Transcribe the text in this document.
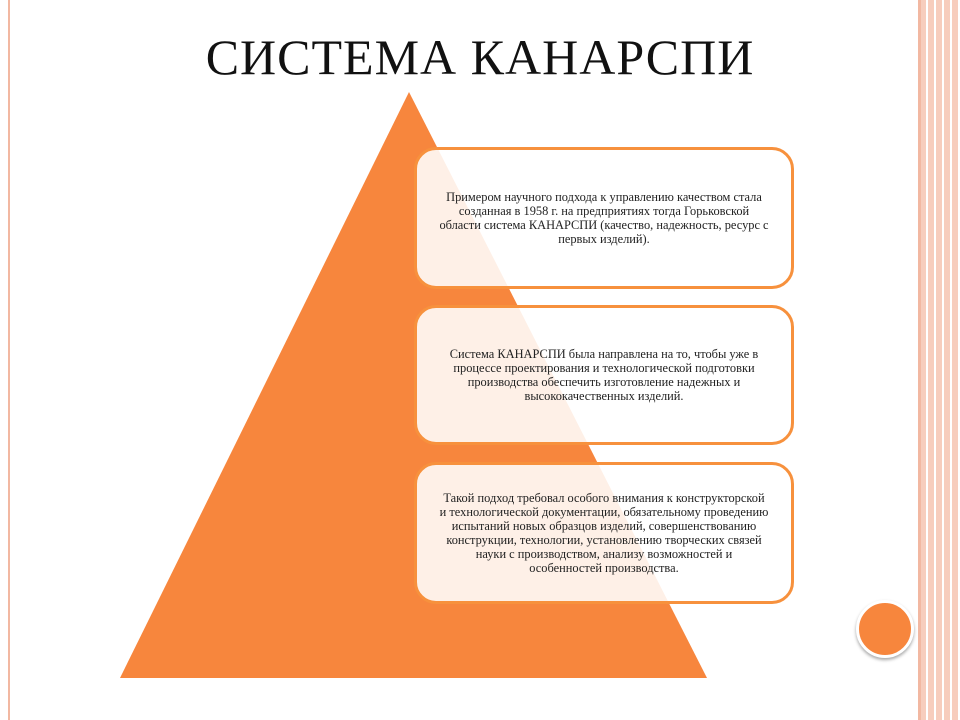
СИСТЕМА КАНАРСПИ
Примером научного подхода к управлению качеством стала созданная в 1958 г. на предприятиях тогда Горьковской области система КАНАРСПИ (качество, надежность, ресурс с первых изделий).
Система КАНАРСПИ была направлена на то, чтобы уже в процессе проектирования и технологической подготовки производства обеспечить изготовление надежных и высококачественных изделий.
Такой подход требовал особого внимания к конструкторской и технологической документации, обязательному проведению испытаний новых образцов изделий, совершенствованию конструкции, технологии, установлению творческих связей науки с производством, анализу возможностей и особенностей производства.
